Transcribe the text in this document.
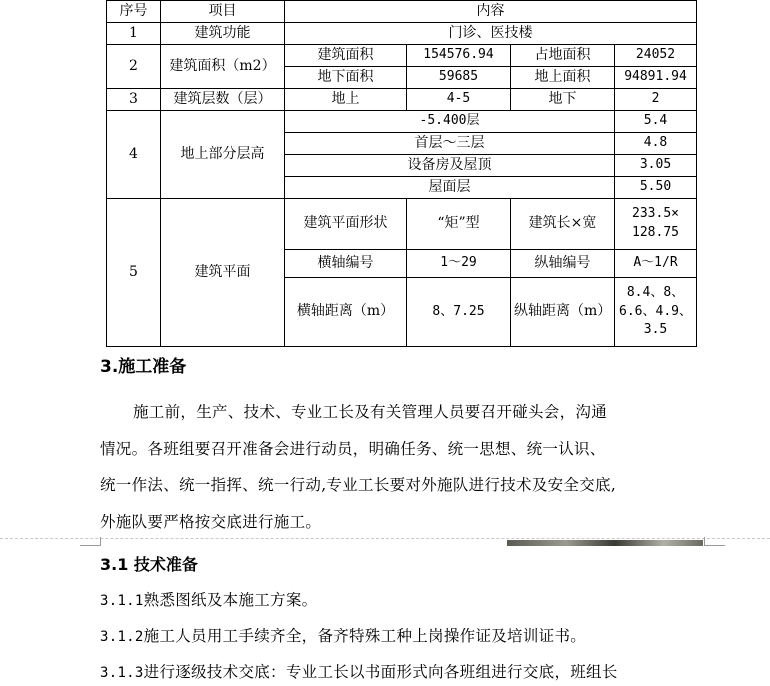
序号	项目	内容			
1	建筑功能	门诊、医技楼			
2	建筑面积（m2）	建筑面积	154576.94	占地面积	24052
		地下面积	59685	地上面积	94891.94
3	建筑层数（层）	地上	4-5	地下	2
4	地上部分层高	-5.400层			5.4
		首层～三层			4.8
		设备房及屋顶			3.05
		屋面层			5.50
5	建筑平面	建筑平面形状	“矩”型	建筑长×宽	233.5× 128.75
		横轴编号	1～29	纵轴编号	A～1/R
		横轴距离（m）	8、7.25	纵轴距离（m）	8.4、8、6.6、4.9、3.5
3.施工准备
施工前，生产、技术、专业工长及有关管理人员要召开碰头会，沟通
情况。各班组要召开准备会进行动员，明确任务、统一思想、统一认识、
统一作法、统一指挥、统一行动,专业工长要对外施队进行技术及安全交底,
外施队要严格按交底进行施工。
3.1 技术准备
3.1.1熟悉图纸及本施工方案。
3.1.2施工人员用工手续齐全，备齐特殊工种上岗操作证及培训证书。
3.1.3进行逐级技术交底：专业工长以书面形式向各班组进行交底，班组长
